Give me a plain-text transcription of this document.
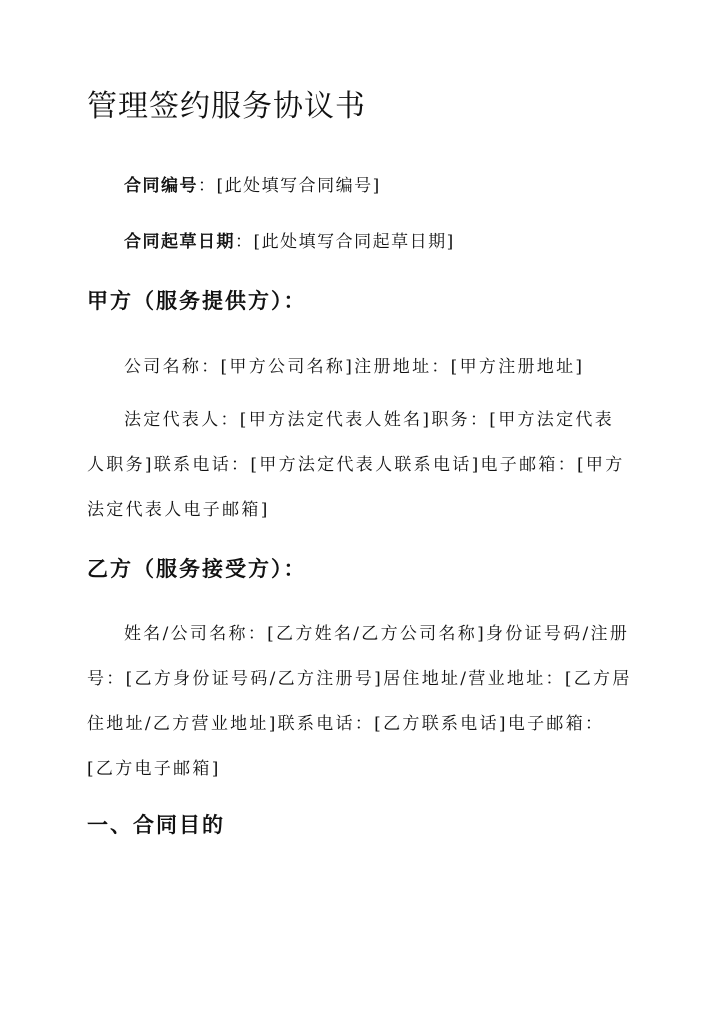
管理签约服务协议书
合同编号：[此处填写合同编号]
合同起草日期：[此处填写合同起草日期]
甲方（服务提供方）：

公司名称：[甲方公司名称]注册地址：[甲方注册地址]

法定代表人：[甲方法定代表人姓名]职务：[甲方法定代表人职务]联系电话：[甲方法定代表人联系电话]电子邮箱：[甲方法定代表人电子邮箱]

乙方（服务接受方）：

姓名/公司名称：[乙方姓名/乙方公司名称]身份证号码/注册号：[乙方身份证号码/乙方注册号]居住地址/营业地址：[乙方居住地址/乙方营业地址]联系电话：[乙方联系电话]电子邮箱：[乙方电子邮箱]

一、合同目的
